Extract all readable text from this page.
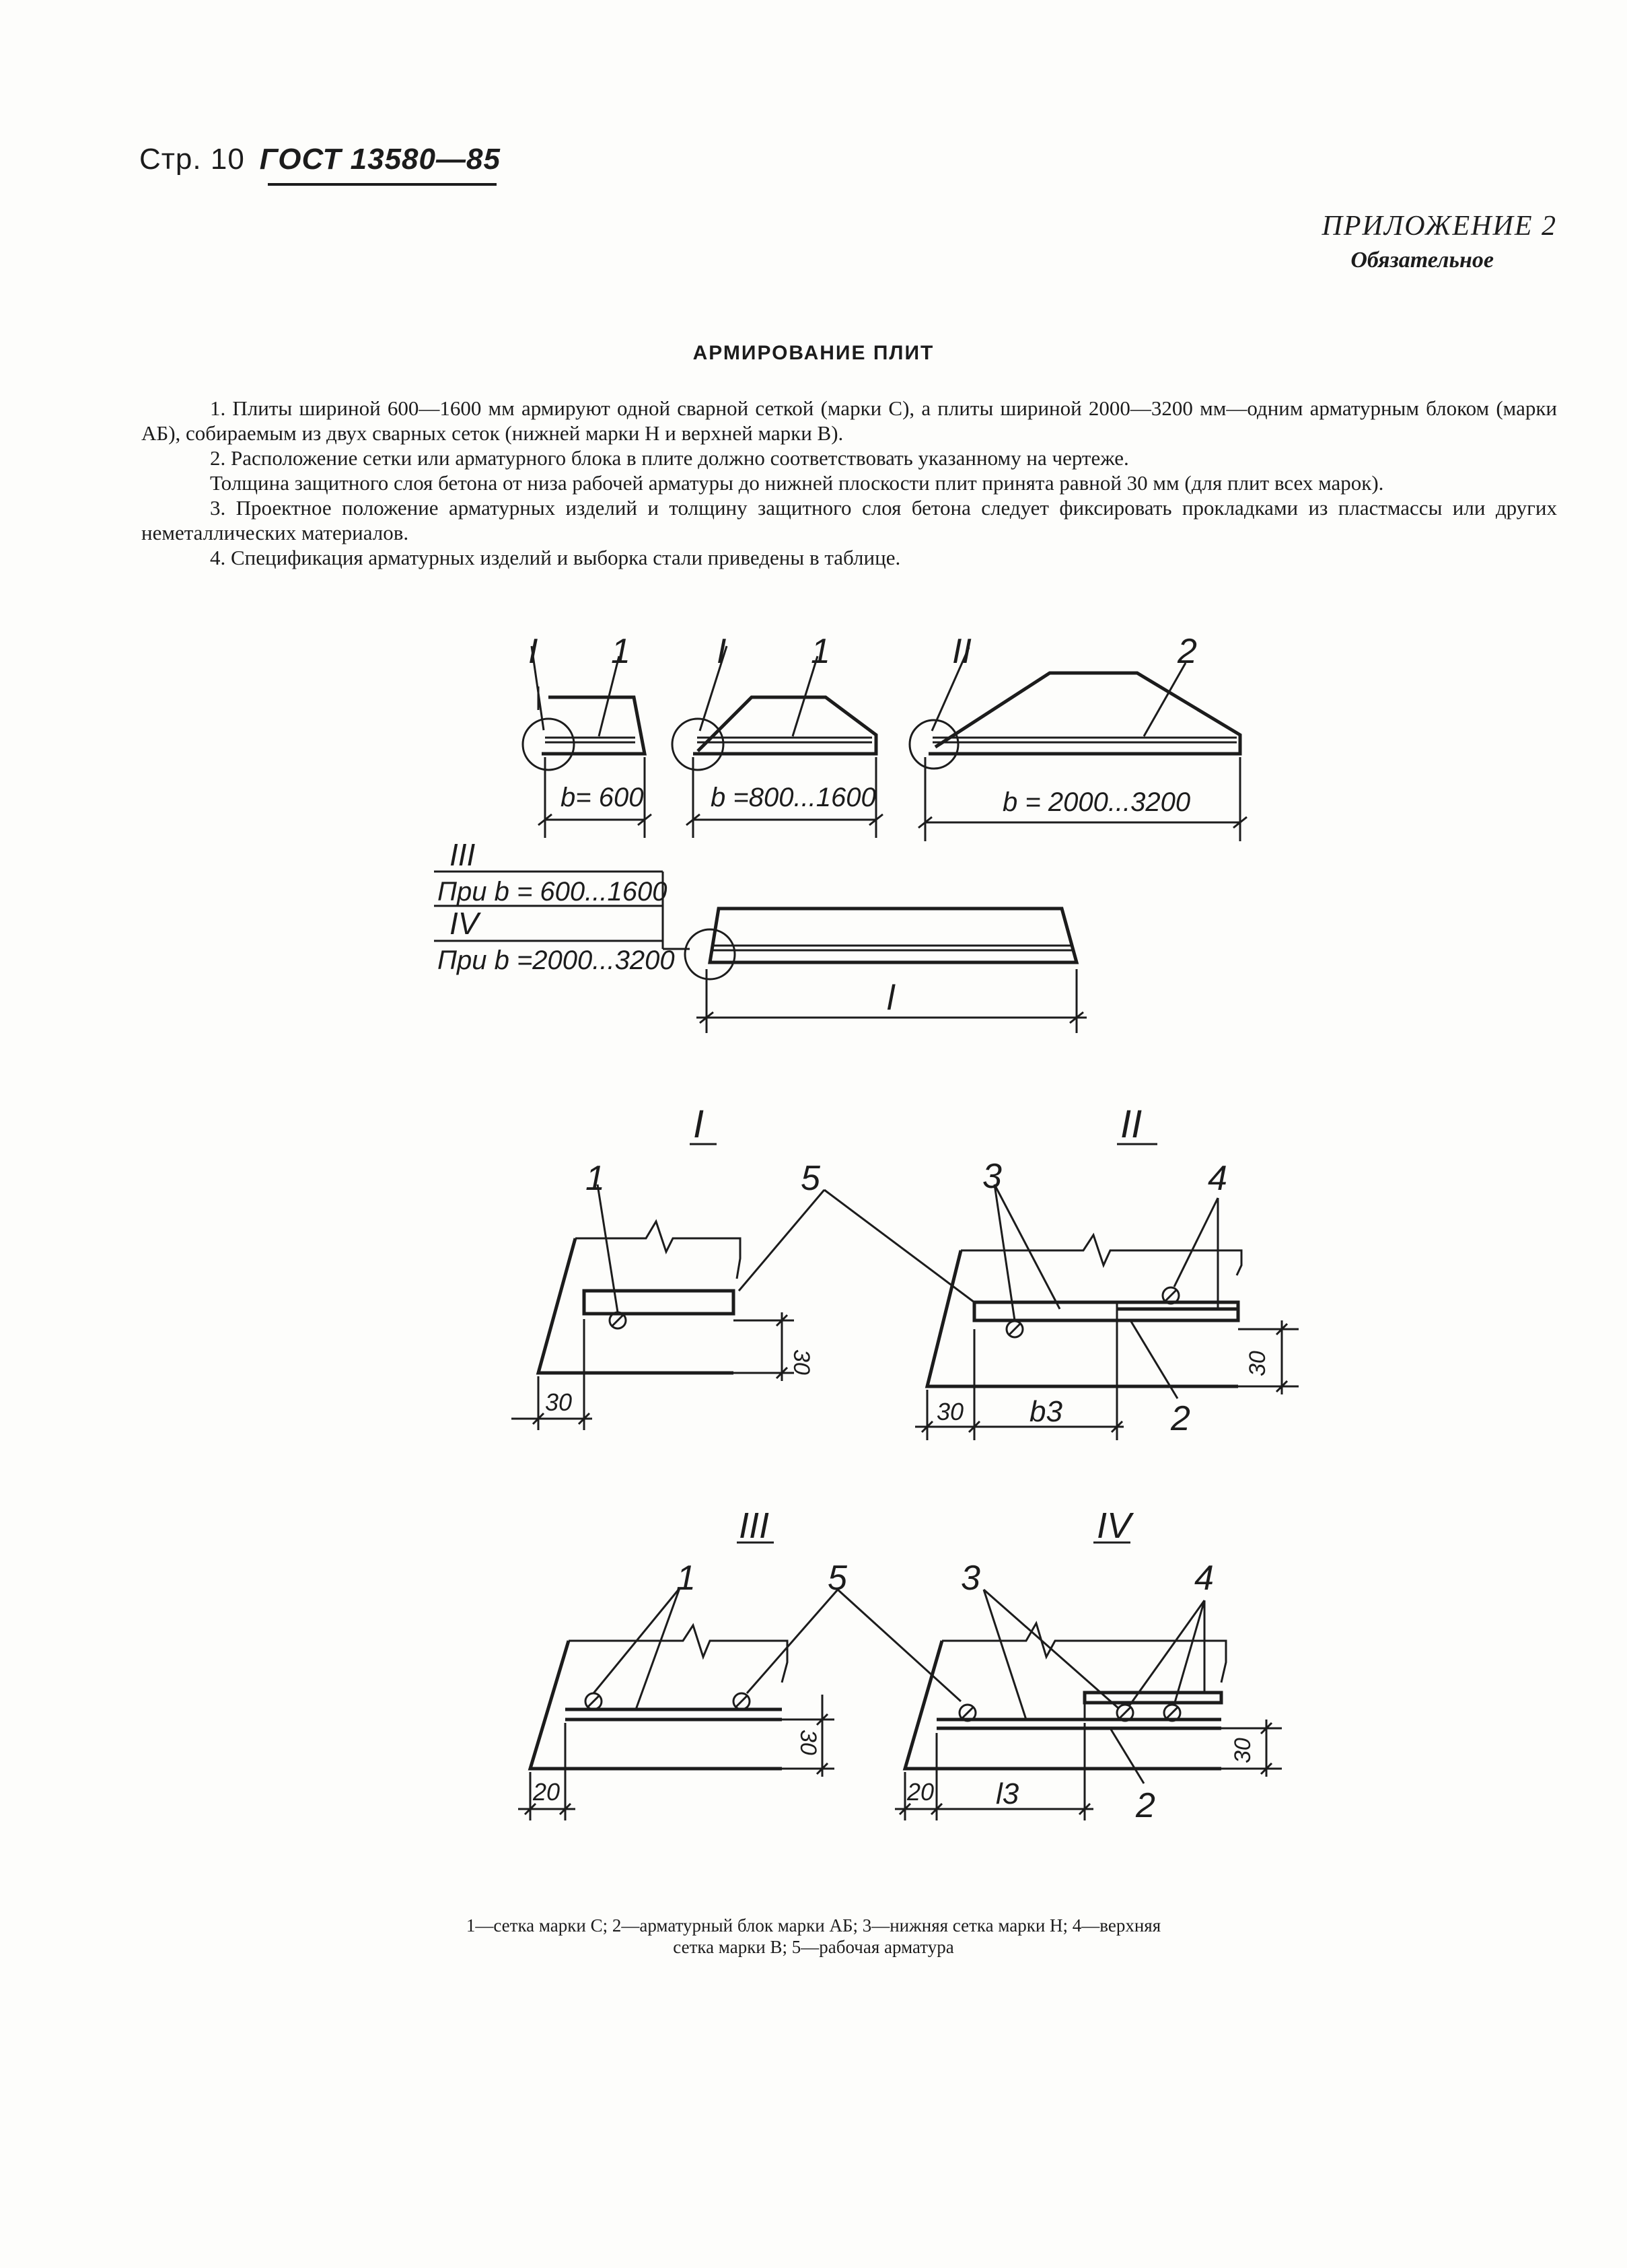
Стр. 10 ГОСТ 13580—85
ПРИЛОЖЕНИЕ 2
Обязательное
АРМИРОВАНИЕ ПЛИТ

1. Плиты шириной 600—1600 мм армируют одной сварной сеткой (марки С), а плиты шириной 2000—3200 мм—одним арматурным блоком (марки АБ), собираемым из двух сварных сеток (нижней марки Н и верхней марки В).

2. Расположение сетки или арматурного блока в плите должно соответствовать указанному на чертеже.

Толщина защитного слоя бетона от низа рабочей арматуры до нижней плоскости плит принята равной 30 мм (для плит всех марок).

3. Проектное положение арматурных изделий и толщину защитного слоя бетона следует фиксировать прокладками из пластмассы или других неметаллических материалов.

4. Спецификация арматурных изделий и выборка стали приведены в таблице.

b= 600
I 1
b =800...1600
I 1
b = 2000...3200
II	2
III
При b = 600...1600
IV
При b =2000...3200
l
I
1	5
30
30
II
3	4
2
30
30 b3
III
1	5
30
20
IV
3	4
2
30
20 l3
1—сетка марки С; 2—арматурный блок марки АБ; 3—нижняя сетка марки Н; 4—верхняя
сетка марки В; 5—рабочая арматура
